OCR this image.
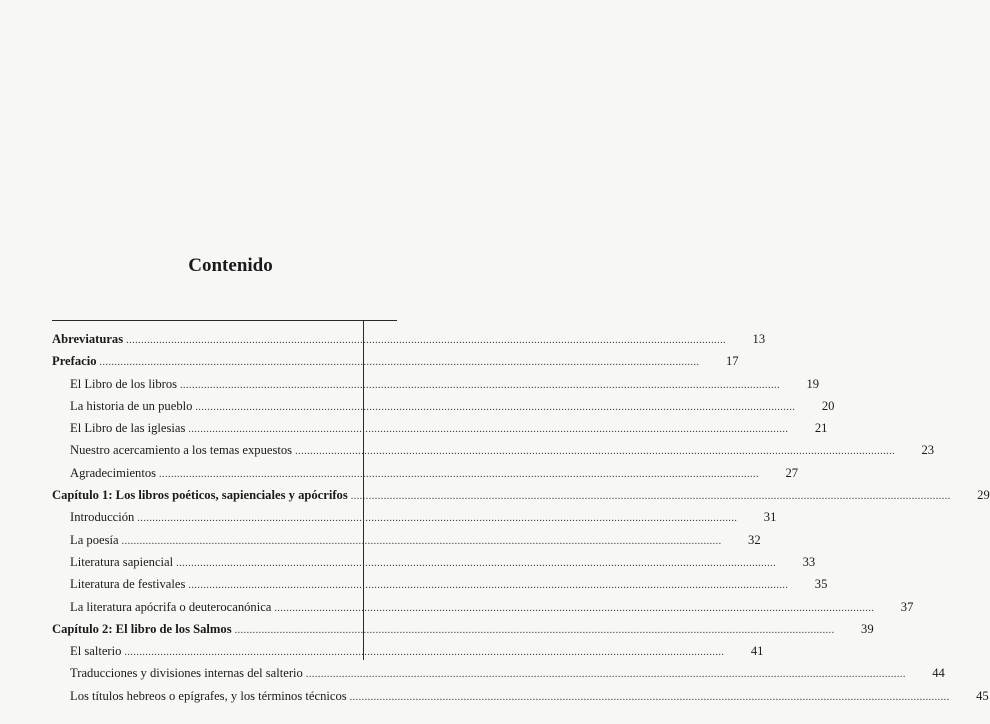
Contenido
Abreviaturas ........................................................................................................................................................................................................	13
Prefacio ........................................................................................................................................................................................................	17
El Libro de los libros ........................................................................................................................................................................................................	19
La historia de un pueblo ........................................................................................................................................................................................................	20
El Libro de las iglesias ........................................................................................................................................................................................................	21
Nuestro acercamiento a los temas expuestos ........................................................................................................................................................................................................	23
Agradecimientos ........................................................................................................................................................................................................	27
Capítulo 1: Los libros poéticos, sapienciales y apócrifos ........................................................................................................................................................................................................	29
Introducción ........................................................................................................................................................................................................	31
La poesía ........................................................................................................................................................................................................	32
Literatura sapiencial ........................................................................................................................................................................................................	33
Literatura de festivales ........................................................................................................................................................................................................	35
La literatura apócrifa o deuterocanónica ........................................................................................................................................................................................................	37
Capítulo 2: El libro de los Salmos ........................................................................................................................................................................................................	39
El salterio ........................................................................................................................................................................................................	41
Traducciones y divisiones internas del salterio ........................................................................................................................................................................................................	44
Los títulos hebreos o epígrafes, y los términos técnicos ........................................................................................................................................................................................................	45
